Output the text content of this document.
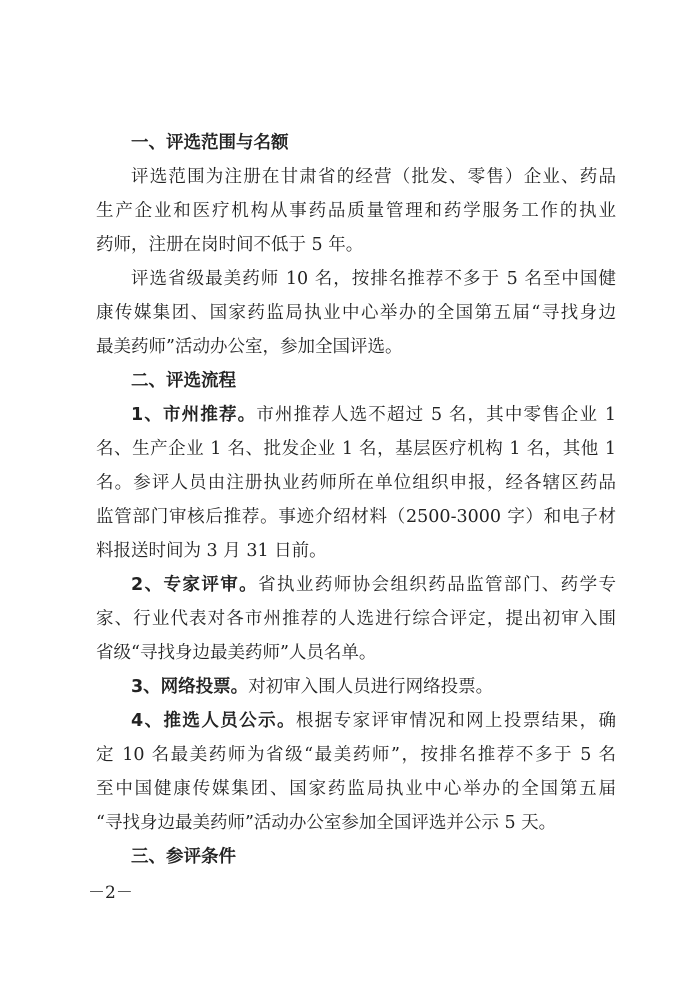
一、评选范围与名额
评选范围为注册在甘肃省的经营（批发、零售）企业、药品
生产企业和医疗机构从事药品质量管理和药学服务工作的执业
药师，注册在岗时间不低于 5 年。
评选省级最美药师 10 名，按排名推荐不多于 5 名至中国健
康传媒集团、国家药监局执业中心举办的全国第五届“寻找身边
最美药师”活动办公室，参加全国评选。
二、评选流程
1、市州推荐。市州推荐人选不超过 5 名，其中零售企业 1
名、生产企业 1 名、批发企业 1 名，基层医疗机构 1 名，其他 1
名。参评人员由注册执业药师所在单位组织申报，经各辖区药品
监管部门审核后推荐。事迹介绍材料（2500-3000 字）和电子材
料报送时间为 3 月 31 日前。
2、专家评审。省执业药师协会组织药品监管部门、药学专
家、行业代表对各市州推荐的人选进行综合评定，提出初审入围
省级“寻找身边最美药师”人员名单。
3、网络投票。对初审入围人员进行网络投票。
4、推选人员公示。根据专家评审情况和网上投票结果，确
定 10 名最美药师为省级“最美药师”，按排名推荐不多于 5 名
至中国健康传媒集团、国家药监局执业中心举办的全国第五届
“寻找身边最美药师”活动办公室参加全国评选并公示 5 天。
三、参评条件
－2－
